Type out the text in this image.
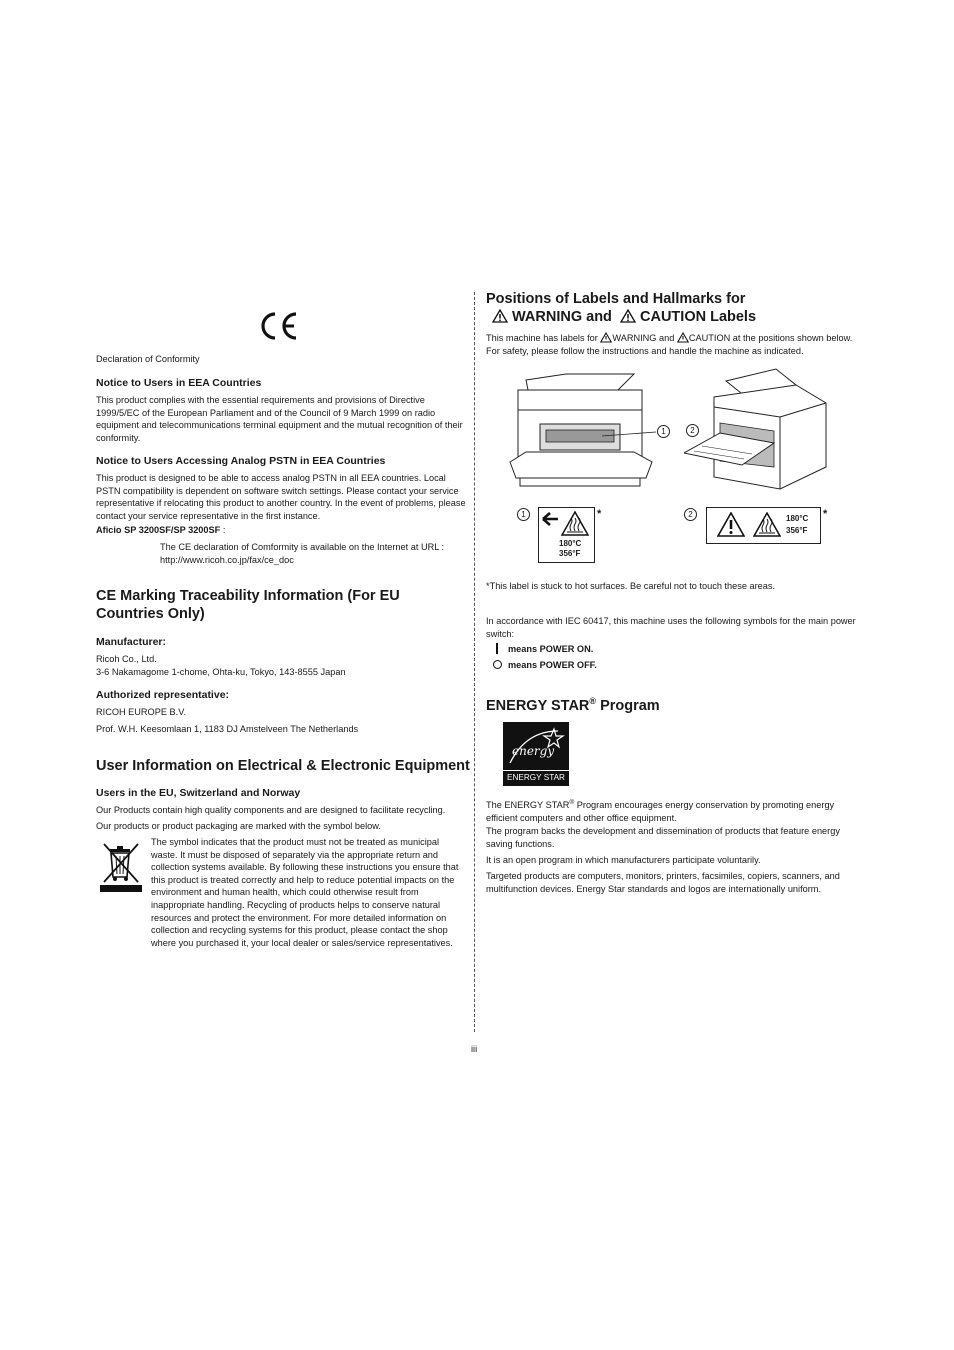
Declaration of Conformity

Notice to Users in EEA Countries

This product complies with the essential requirements and provisions of Directive 1999/5/EC of the European Parliament and of the Council of 9 March 1999 on radio equipment and telecommunications terminal equipment and the mutual recognition of their conformity.

Notice to Users Accessing Analog PSTN in EEA Countries

This product is designed to be able to access analog PSTN in all EEA countries. Local PSTN compatibility is dependent on software switch settings. Please contact your service representative if relocating this product to another country. In the event of problems, please contact your service representative in the first instance.

Aficio SP 3200SF/SP 3200SF :

The CE declaration of Comformity is available on the Internet at URL :

http://www.ricoh.co.jp/fax/ce_doc

CE Marking Traceability Information (For EU Countries Only)

Manufacturer:

Ricoh Co., Ltd.

3-6 Nakamagome 1-chome, Ohta-ku, Tokyo, 143-8555 Japan

Authorized representative:

RICOH EUROPE B.V.

Prof. W.H. Keesomlaan 1, 1183 DJ Amstelveen The Netherlands

User Information on Electrical & Electronic Equipment

Users in the EU, Switzerland and Norway

Our Products contain high quality components and are designed to facilitate recycling.

Our products or product packaging are marked with the symbol below.

The symbol indicates that the product must not be treated as municipal waste. It must be disposed of separately via the appropriate return and collection systems available. By following these instructions you ensure that this product is treated correctly and help to reduce potential impacts on the environment and human health, which could otherwise result from inappropriate handling. Recycling of products helps to conserve natural resources and protect the environment. For more detailed information on collection and recycling systems for this product, please contact the shop where you purchased it, your local dealer or sales/service representatives.

Positions of Labels and Hallmarks for

WARNING and CAUTION Labels

This machine has labels for WARNING and CAUTION at the positions shown below. For safety, please follow the instructions and handle the machine as indicated.

1	2
1
180°C
356°F
*	2	180°C
356°F
*

*This label is stuck to hot surfaces. Be careful not to touch these areas.

In accordance with IEC 60417, this machine uses the following symbols for the main power switch:

means POWER ON.

means POWER OFF.

ENERGY STAR® Program

energy
ENERGY STAR

The ENERGY STAR® Program encourages energy conservation by promoting energy efficient computers and other office equipment.

The program backs the development and dissemination of products that feature energy saving functions.

It is an open program in which manufacturers participate voluntarily.

Targeted products are computers, monitors, printers, facsimiles, copiers, scanners, and multifunction devices. Energy Star standards and logos are internationally uniform.

iii
